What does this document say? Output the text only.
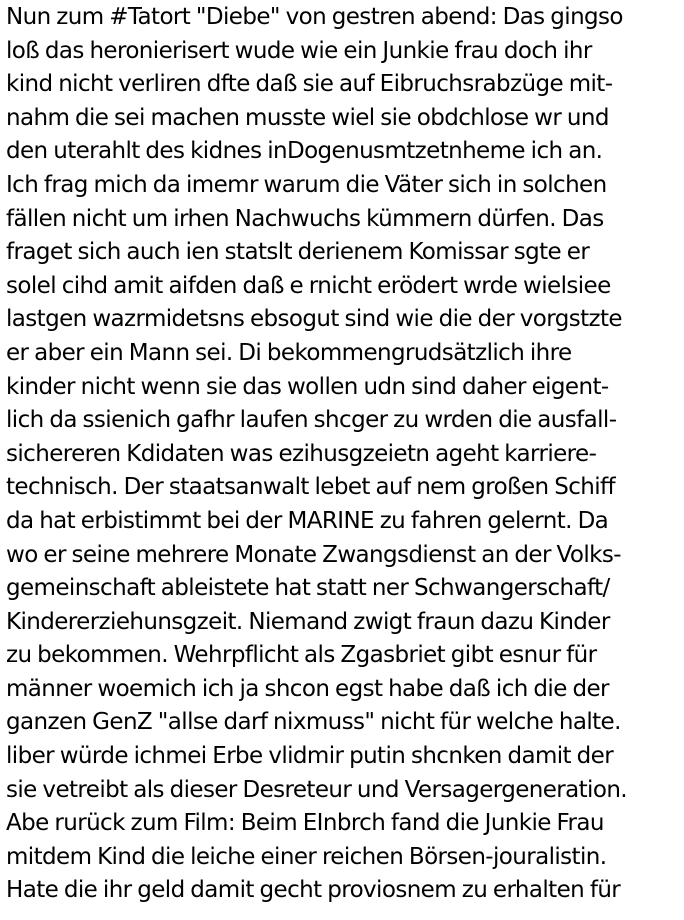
Nun zum #Tatort "Diebe" von gestren abend: Das gingso
loß das heronierisert wude wie ein Junkie frau doch ihr
kind nicht verliren dfte daß sie auf Eibruchsrabzüge mit-
nahm die sei machen musste wiel sie obdchlose wr und
den uterahlt des kidnes inDogenusmtzetnheme ich an.
Ich frag mich da imemr warum die Väter sich in solchen
fällen nicht um irhen Nachwuchs kümmern dürfen. Das
fraget sich auch ien statslt derienem Komissar sgte er
solel cihd amit aifden daß e rnicht erödert wrde wielsiee
lastgen wazrmidetsns ebsogut sind wie die der vorgstzte
er aber ein Mann sei. Di bekommengrudsätzlich ihre
kinder nicht wenn sie das wollen udn sind daher eigent-
lich da ssienich gafhr laufen shcger zu wrden die ausfall-
sichereren Kdidaten was ezihusgzeietn ageht karriere-
technisch. Der staatsanwalt lebet auf nem großen Schiff
da hat erbistimmt bei der MARINE zu fahren gelernt. Da
wo er seine mehrere Monate Zwangsdienst an der Volks-
gemeinschaft ableistete hat statt ner Schwangerschaft/
Kindererziehunsgzeit. Niemand zwigt fraun dazu Kinder
zu bekommen. Wehrpflicht als Zgasbriet gibt esnur für
männer woemich ich ja shcon egst habe daß ich die der
ganzen GenZ "allse darf nixmuss" nicht für welche halte.
liber würde ichmei Erbe vlidmir putin shcnken damit der
sie vetreibt als dieser Desreteur und Versagergeneration.
Abe rurück zum Film: Beim EInbrch fand die Junkie Frau
mitdem Kind die leiche einer reichen Börsen-jouralistin.
Hate die ihr geld damit gecht proviosnem zu erhalten für
